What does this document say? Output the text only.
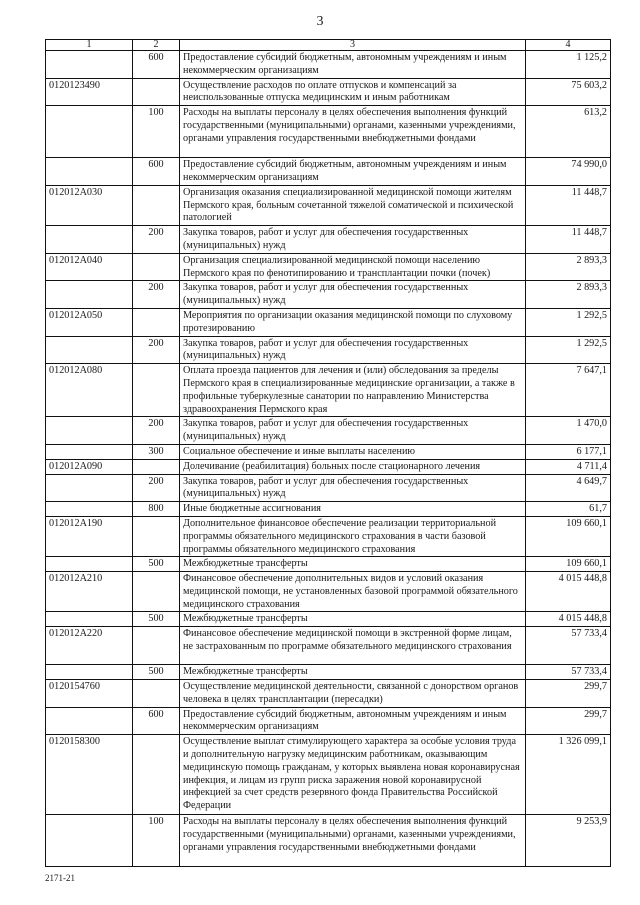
3
1	2	3	4
	600	Предоставление субсидий бюджетным, автономным учреждениям и иным некоммерческим организациям	1 125,2
0120123490		Осуществление расходов по оплате отпусков и компенсаций за неиспользованные отпуска медицинским и иным работникам	75 603,2
	100	Расходы на выплаты персоналу в целях обеспечения выполнения функций государственными (муниципальными) органами, казенными учреждениями, органами управления государственными внебюджетными фондами	613,2
	600	Предоставление субсидий бюджетным, автономным учреждениям и иным некоммерческим организациям	74 990,0
012012А030		Организация оказания специализированной медицинской помощи жителям Пермского края, больным сочетанной тяжелой соматической и психической патологией	11 448,7
	200	Закупка товаров, работ и услуг для обеспечения государственных (муниципальных) нужд	11 448,7
012012А040		Организация специализированной медицинской помощи населению Пермского края по фенотипированию и трансплантации почки (почек)	2 893,3
	200	Закупка товаров, работ и услуг для обеспечения государственных (муниципальных) нужд	2 893,3
012012А050		Мероприятия по организации оказания медицинской помощи по слуховому протезированию	1 292,5
	200	Закупка товаров, работ и услуг для обеспечения государственных (муниципальных) нужд	1 292,5
012012А080		Оплата проезда пациентов для лечения и (или) обследования за пределы Пермского края в специализированные медицинские организации, а также в профильные туберкулезные санатории по направлению Министерства здравоохранения Пермского края	7 647,1
	200	Закупка товаров, работ и услуг для обеспечения государственных (муниципальных) нужд	1 470,0
	300	Социальное обеспечение и иные выплаты населению	6 177,1
012012А090		Долечивание (реабилитация) больных после стационарного лечения	4 711,4
	200	Закупка товаров, работ и услуг для обеспечения государственных (муниципальных) нужд	4 649,7
	800	Иные бюджетные ассигнования	61,7
012012А190		Дополнительное финансовое обеспечение реализации территориальной программы обязательного медицинского страхования в части базовой программы обязательного медицинского страхования	109 660,1
	500	Межбюджетные трансферты	109 660,1
012012А210		Финансовое обеспечение дополнительных видов и условий оказания медицинской помощи, не установленных базовой программой обязательного медицинского страхования	4 015 448,8
	500	Межбюджетные трансферты	4 015 448,8
012012А220		Финансовое обеспечение медицинской помощи в экстренной форме лицам, не застрахованным по программе обязательного медицинского страхования	57 733,4
	500	Межбюджетные трансферты	57 733,4
0120154760		Осуществление медицинской деятельности, связанной с донорством органов человека в целях трансплантации (пересадки)	299,7
	600	Предоставление субсидий бюджетным, автономным учреждениям и иным некоммерческим организациям	299,7
0120158300		Осуществление выплат стимулирующего характера за особые условия труда и дополнительную нагрузку медицинским работникам, оказывающим медицинскую помощь гражданам, у которых выявлена новая коронавирусная инфекция, и лицам из групп риска заражения новой коронавирусной инфекцией за счет средств резервного фонда Правительства Российской Федерации	1 326 099,1
	100	Расходы на выплаты персоналу в целях обеспечения выполнения функций государственными (муниципальными) органами, казенными учреждениями, органами управления государственными внебюджетными фондами	9 253,9
2171-21
